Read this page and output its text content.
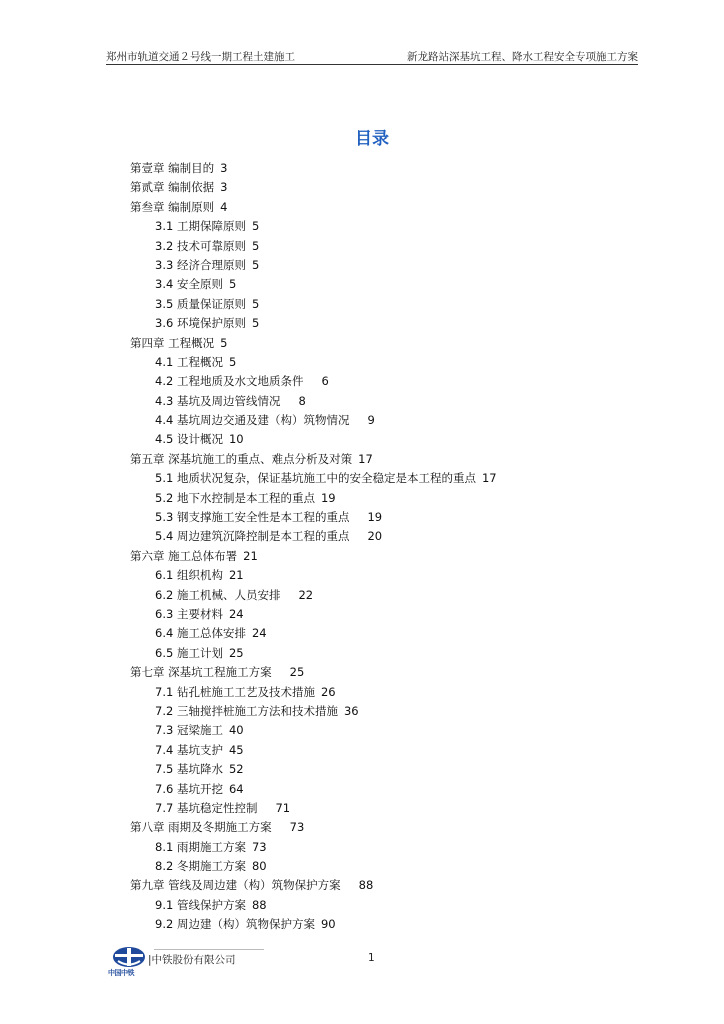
郑州市轨道交通２号线一期工程土建施工	新龙路站深基坑工程、降水工程安全专项施工方案
目录
第壹章 编制目的 3
第贰章 编制依据 3
第叁章 编制原则 4
3.1 工期保障原则 5
3.2 技术可靠原则 5
3.3 经济合理原则 5
3.4 安全原则 5
3.5 质量保证原则 5
3.6 环境保护原则 5
第四章 工程概况 5
4.1 工程概况 5
4.2 工程地质及水文地质条件 6
4.3 基坑及周边管线情况 8
4.4 基坑周边交通及建（构）筑物情况 9
4.5 设计概况 10
第五章 深基坑施工的重点、难点分析及对策 17
5.1 地质状况复杂，保证基坑施工中的安全稳定是本工程的重点 17
5.2 地下水控制是本工程的重点 19
5.3 钢支撑施工安全性是本工程的重点 19
5.4 周边建筑沉降控制是本工程的重点 20
第六章 施工总体布署 21
6.1 组织机构 21
6.2 施工机械、人员安排 22
6.3 主要材料 24
6.4 施工总体安排 24
6.5 施工计划 25
第七章 深基坑工程施工方案 25
7.1 钻孔桩施工工艺及技术措施 26
7.2 三轴搅拌桩施工方法和技术措施 36
7.3 冠梁施工 40
7.4 基坑支护 45
7.5 基坑降水 52
7.6 基坑开挖 64
7.7 基坑稳定性控制 71
第八章 雨期及冬期施工方案 73
8.1 雨期施工方案 73
8.2 冬期施工方案 80
第九章 管线及周边建（构）筑物保护方案 88
9.1 管线保护方案 88
9.2 周边建（构）筑物保护方案 90
中国中铁
|中铁股份有限公司	1
